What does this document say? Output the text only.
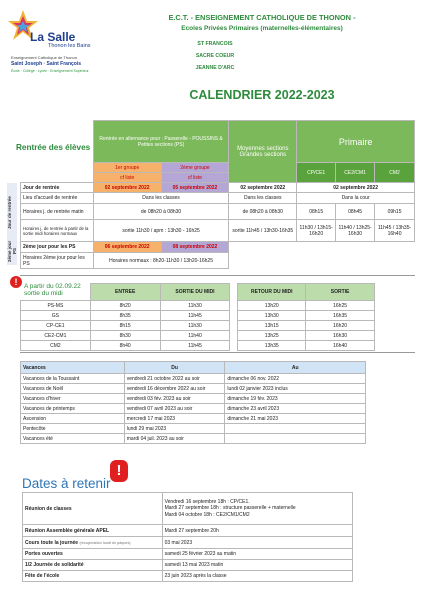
La Salle
Thonon les Bains
Enseignement Catholique de Thonon
Saint Joseph · Saint François
École · Collège · Lycée · Enseignement Supérieur
E.C.T. - ENSEIGNEMENT CATHOLIQUE DE THONON -
Ecoles Privées Primaires (maternelles-élémentaires)
ST FRANCOIS
SACRE COEUR
JEANNE D'ARC
CALENDRIER 2022-2023
Rentrée des élèves
Jour de rentrée
2ème jour PS
	Rentrée en alternance pour : Passerelle - POUSSINS & Petites sections (PS)		Moyennes sections Grandes sections	Primaire		
	1er groupe	2ème groupe		CP/CE1	CE2/CM1	CM2
	cf liste	cf liste				
Jour de rentrée	02 septembre 2022	05 septembre 2022	02 septembre 2022	02 septembre 2022		
Lieu d'accueil de rentrée	Dans les classes		Dans les classes	Dans la cour		
Horaires j. de rentrée matin	de 08h20 à 08h30		de 08h20 à 08h30	08h15	08h45	09h15
Horaires j. de rentrée à partir de la sortie midi horaires normaux	sortie 11h30 / apm : 13h30 - 16h25		sortie 11h45 / 13h30-16h35	11h30 / 13h15-16h20	11h40 / 13h25-16h30	11h45 / 13h35-16h40
2ème jour pour les PS	06 septembre 2022	08 septembre 2022				
Horaires 2ème jour pour les PS	Horaires normaux : 8h20-11h30 / 13h20-16h25					
!	A partir du 02.09.22 sortie du midi
		ENTREE	SORTIE DU MIDI		RETOUR DU MIDI	SORTIE
PS-MS	8h20	11h30		13h20	16h25
GS	8h35	11h45		13h30	16h35
CP-CE1	8h15	11h30		13h15	16h20
CE2-CM1	8h30	11h40		13h25	16h30
CM2	8h40	11h45		13h35	16h40
Vacances	Du	Au
Vacances de la Toussaint	vendredi 21 octobre 2022 au soir	dimanche 06 nov. 2022
Vacances de Noël	vendredi 16 décembre 2022 au soir	lundi 02 janvier 2023 inclus
Vacances d'hiver	vendredi 03 fév. 2023 au soir	dimanche 19 fév. 2023
Vacances de printemps	vendredi 07 avril 2023 au soir	dimanche 23 avril 2023
Ascension	mercredi 17 mai 2023	dimanche 21 mai 2023
Pentecôte	lundi 29 mai 2023	
Vacances été	mardi 04 juil. 2023 au soir	
!
Dates à retenir
Réunion de classes	Vendredi 16 septembre 18h : CP/CE1.
Mardi 27 septembre 18h : structure passerelle + maternelle
Mardi 04 octobre 18h : CE2/CM1/CM2
Réunion Assemblée générale APEL	Mardi 27 septembre 20h
Cours toute la journée (récupération lundi de pâques)	03 mai 2023
Portes ouvertes	samedi 25 février 2023 au matin
1/2 Journée de solidarité	samedi 13 mai 2023 matin
Fête de l'école	23 juin 2023 après la classe
